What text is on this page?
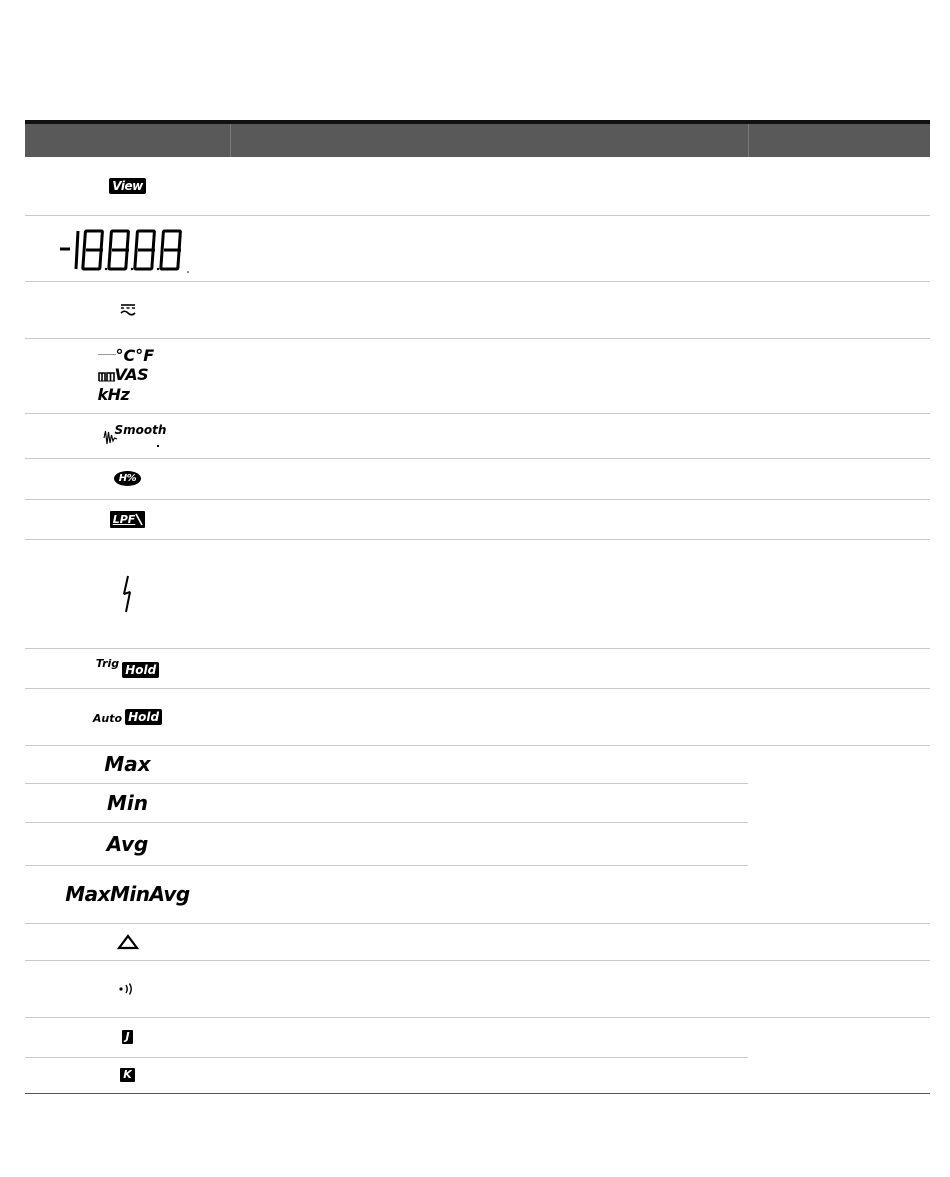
View
°C°F
VAS
kHz
Smooth
H%
LPF
Trig Hold
Auto Hold
Max
Min
Avg
MaxMinAvg
J
K
